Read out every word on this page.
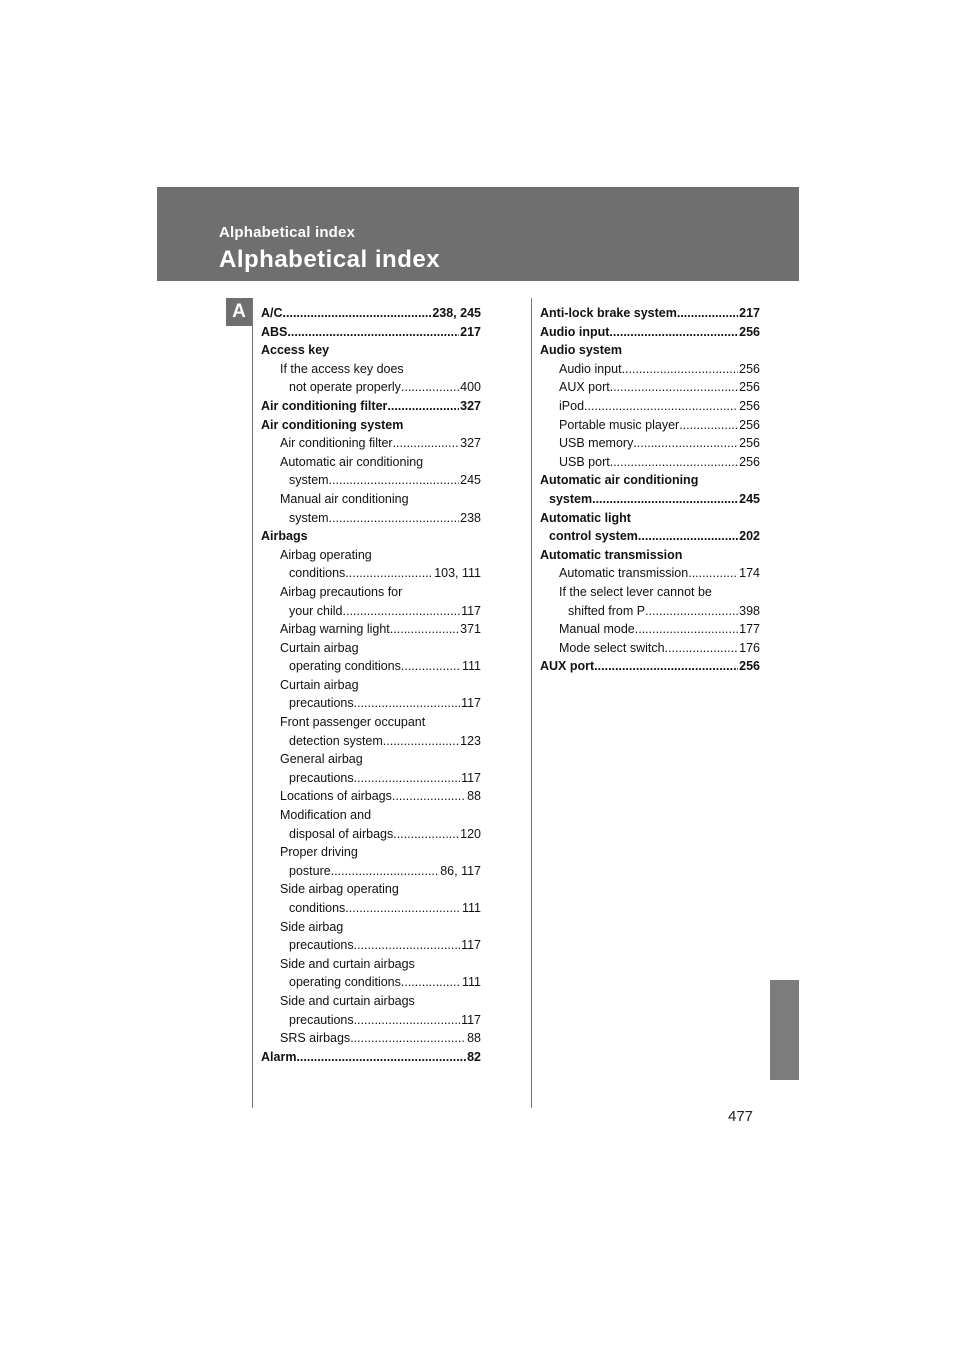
Alphabetical index
Alphabetical index
A	A/C .....	238, 245
ABS .....	217
Access key
If the access key does
not operate properly .....	400
Air conditioning filter .....	327
Air conditioning system
Air conditioning filter .....	327
Automatic air conditioning
system .....	245
Manual air conditioning
system .....	238
Airbags
Airbag operating
conditions .....	103, 111
Airbag precautions for
your child .....	117
Airbag warning light .....	371
Curtain airbag
operating conditions .....	111
Curtain airbag
precautions .....	117
Front passenger occupant
detection system .....	123
General airbag
precautions .....	117
Locations of airbags .....	88
Modification and
disposal of airbags .....	120
Proper driving
posture .....	86, 117
Side airbag operating
conditions .....	111
Side airbag
precautions .....	117
Side and curtain airbags
operating conditions .....	111
Side and curtain airbags
precautions .....	117
SRS airbags .....	88
Alarm .....	82
Anti-lock brake system .....	217
Audio input .....	256
Audio system
Audio input .....	256
AUX port .....	256
iPod .....	256
Portable music player .....	256
USB memory .....	256
USB port .....	256
Automatic air conditioning
system .....	245
Automatic light
control system .....	202
Automatic transmission
Automatic transmission .....	174
If the select lever cannot be
shifted from P .....	398
Manual mode .....	177
Mode select switch .....	176
AUX port .....	256
477
